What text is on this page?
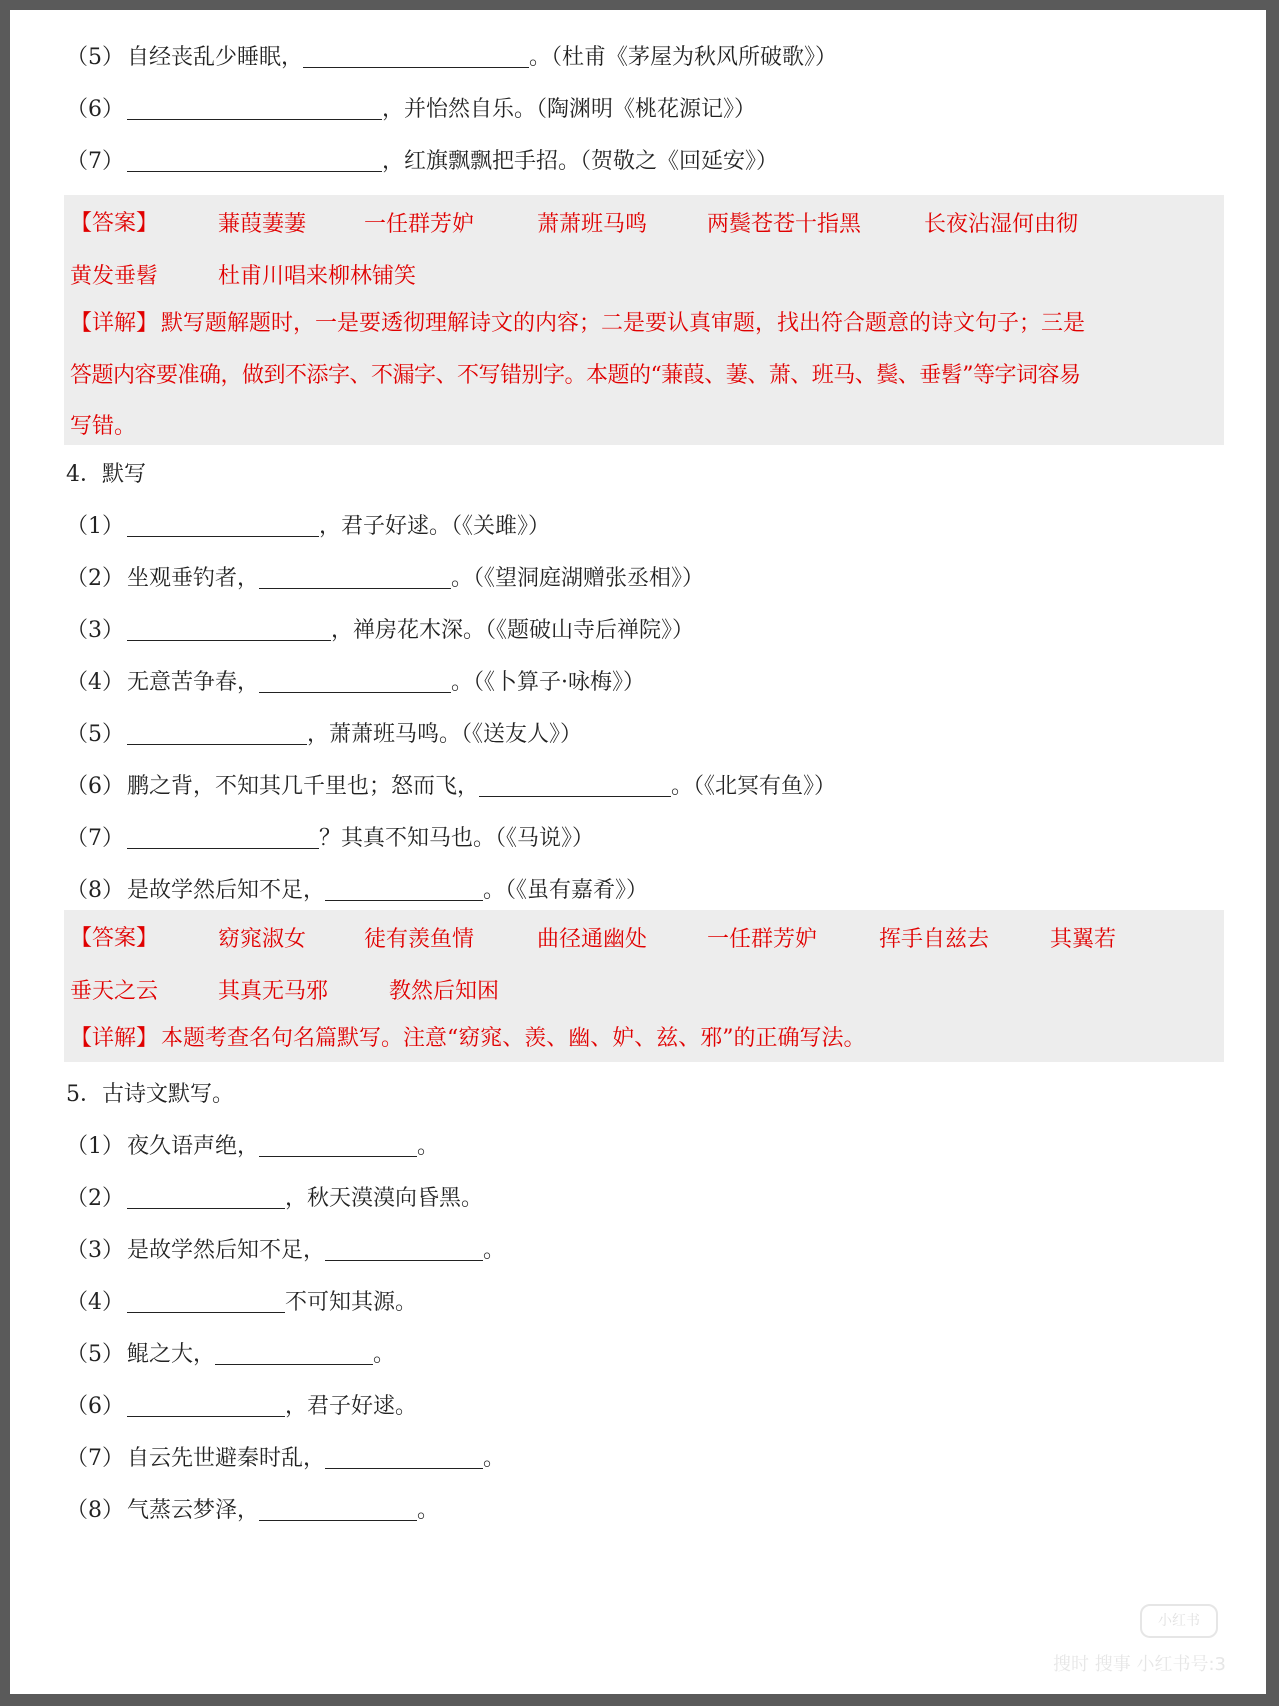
（5） 自经丧乱少睡眠，	。（杜甫《茅屋为秋风所破歌》）
（6）	，并怡然自乐。（陶渊明《桃花源记》）
（7）	，红旗飘飘把手招。（贺敬之《回延安》）
【答案】	蒹葭萋萋	一任群芳妒	萧萧班马鸣	两鬓苍苍十指黑	长夜沾湿何由彻
黄发垂髫	杜甫川唱来柳林铺笑
【详解】 默写题解题时，一是要透彻理解诗文的内容；二是要认真审题，找出符合题意的诗文句子；三是
答题内容要准确，做到不添字、不漏字、不写错别字。本题的“蒹葭、萋、萧、班马、鬓、垂髫”等字词容易
写错。
4．默写
（1）	，君子好逑。（《关雎》）
（2） 坐观垂钓者，	。（《望洞庭湖赠张丞相》）
（3）	，禅房花木深。（《题破山寺后禅院》）
（4） 无意苦争春，	。（《卜算子·咏梅》）
（5）	，萧萧班马鸣。（《送友人》）
（6） 鹏之背，不知其几千里也；怒而飞，	。（《北冥有鱼》）
（7）	？其真不知马也。（《马说》）
（8） 是故学然后知不足，	。（《虽有嘉肴》）
【答案】	窈窕淑女	徒有羡鱼情	曲径通幽处	一任群芳妒	挥手自兹去	其翼若
垂天之云	其真无马邪	教然后知困
【详解】 本题考查名句名篇默写。注意“窈窕、羡、幽、妒、兹、邪”的正确写法。
5．古诗文默写。
（1） 夜久语声绝，	。
（2）	，秋天漠漠向昏黑。
（3） 是故学然后知不足，	。
（4）	不可知其源。
（5） 鲲之大，	。
（6）	，君子好逑。
（7） 自云先世避秦时乱，	。
（8） 气蒸云梦泽，	。
小红书
搜时 搜事 小红书号:3
